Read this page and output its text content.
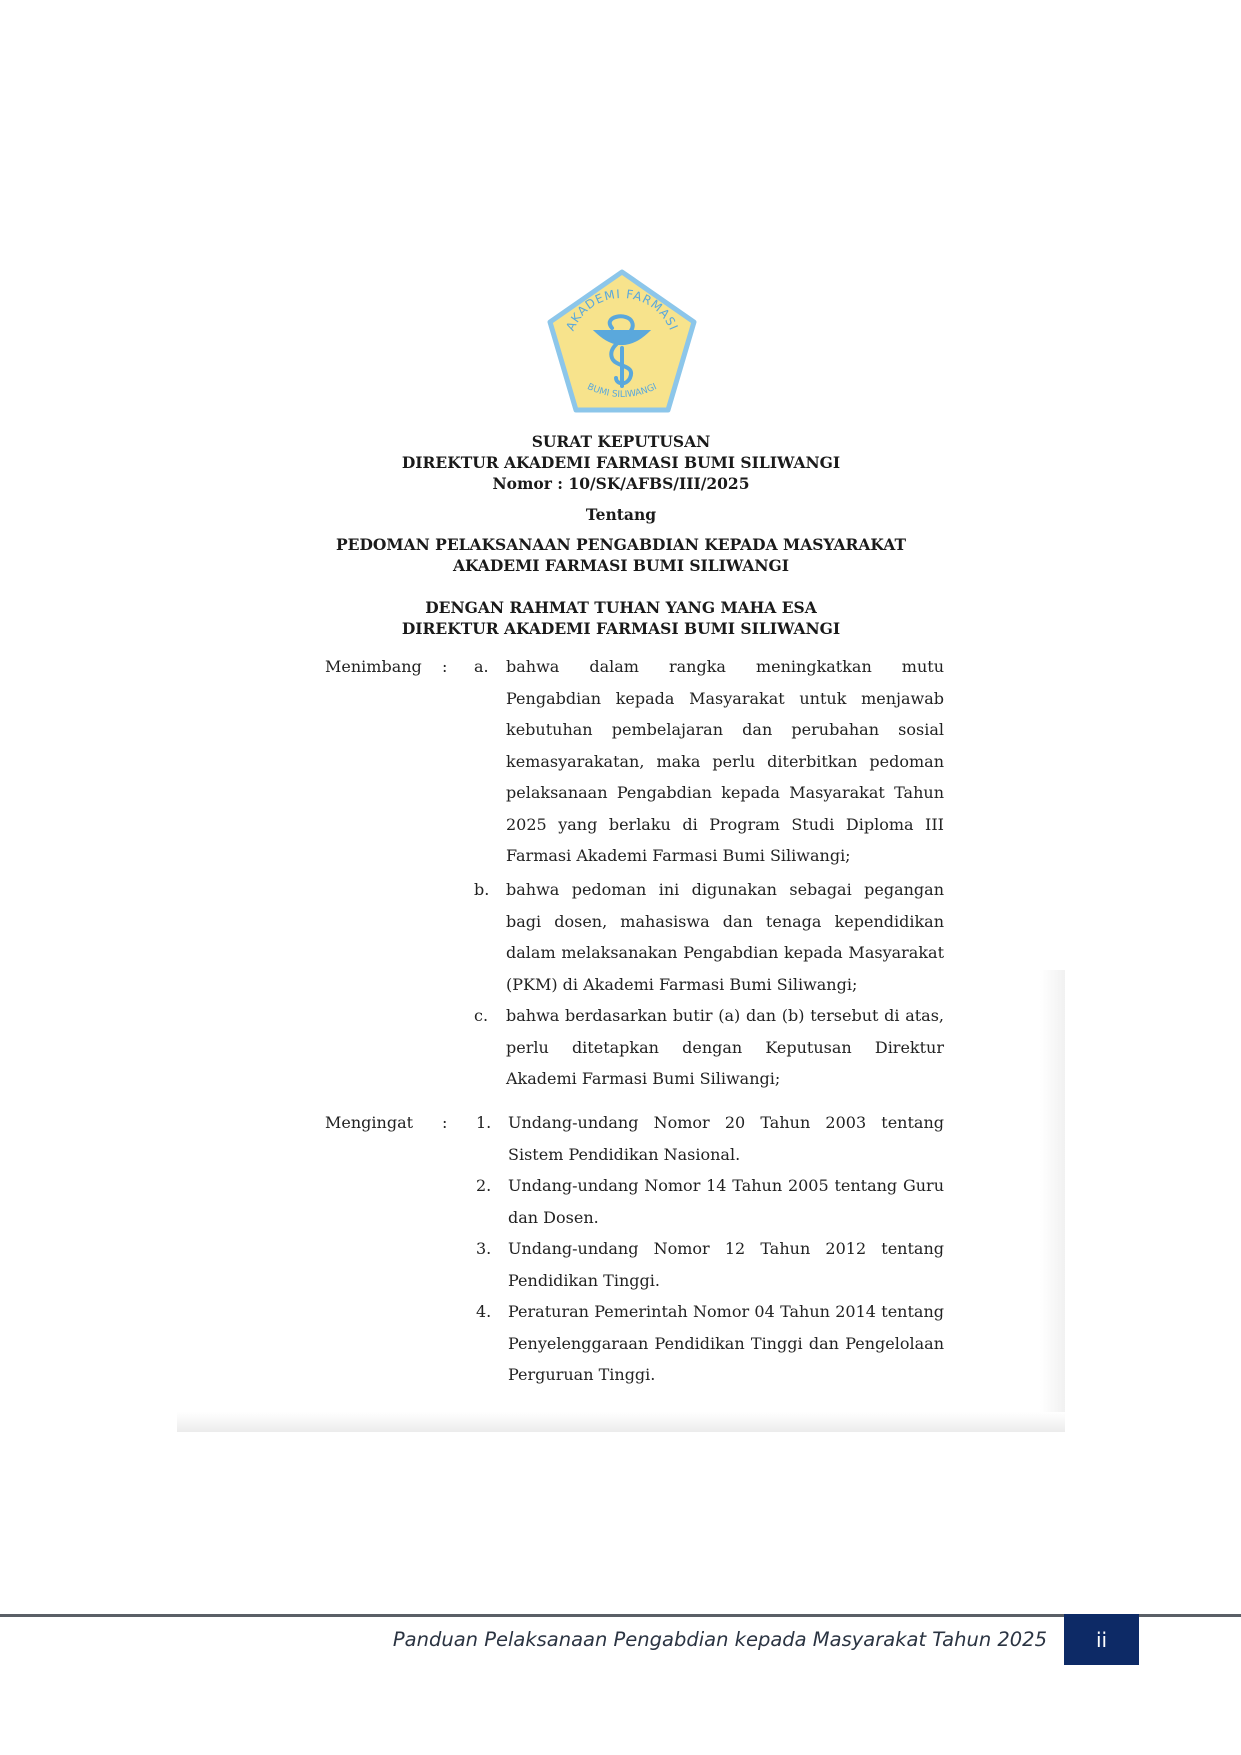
AKADEMI FARMASI
BUMI SILIWANGI
SURAT KEPUTUSAN
DIREKTUR AKADEMI FARMASI BUMI SILIWANGI
Nomor : 10/SK/AFBS/III/2025
Tentang
PEDOMAN PELAKSANAAN PENGABDIAN KEPADA MASYARAKAT
AKADEMI FARMASI BUMI SILIWANGI
DENGAN RAHMAT TUHAN YANG MAHA ESA
DIREKTUR AKADEMI FARMASI BUMI SILIWANGI
Menimbang : a. bahwa dalam rangka meningkatkan mutu Pengabdian kepada Masyarakat untuk menjawab kebutuhan pembelajaran dan perubahan sosial kemasyarakatan, maka perlu diterbitkan pedoman pelaksanaan Pengabdian kepada Masyarakat Tahun 2025 yang berlaku di Program Studi Diploma III Farmasi Akademi Farmasi Bumi Siliwangi;
b. bahwa pedoman ini digunakan sebagai pegangan bagi dosen, mahasiswa dan tenaga kependidikan dalam melaksanakan Pengabdian kepada Masyarakat (PKM) di Akademi Farmasi Bumi Siliwangi;
c. bahwa berdasarkan butir (a) dan (b) tersebut di atas, perlu ditetapkan dengan Keputusan Direktur Akademi Farmasi Bumi Siliwangi;
Mengingat : 1. Undang-undang Nomor 20 Tahun 2003 tentang Sistem Pendidikan Nasional.
2. Undang-undang Nomor 14 Tahun 2005 tentang Guru dan Dosen.
3. Undang-undang Nomor 12 Tahun 2012 tentang Pendidikan Tinggi.
4. Peraturan Pemerintah Nomor 04 Tahun 2014 tentang Penyelenggaraan Pendidikan Tinggi dan Pengelolaan Perguruan Tinggi.
Panduan Pelaksanaan Pengabdian kepada Masyarakat Tahun 2025 ii
